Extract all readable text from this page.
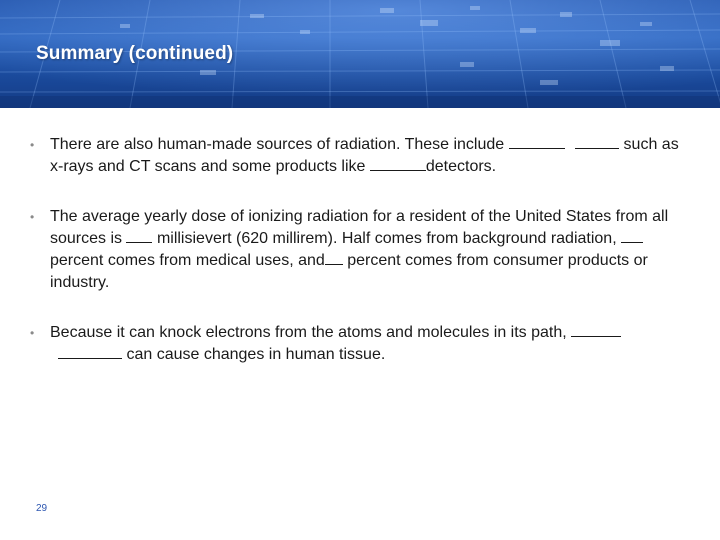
Summary (continued)
• There are also human-made sources of radiation. These include	such as x-rays and CT scans and some products like	detectors.
• The average yearly dose of ionizing radiation for a resident of the United States from all sources is millisievert (620 millirem). Half comes from background radiation,  percent comes from medical uses, and percent comes from consumer products or industry.
• Because it can knock electrons from the atoms and molecules in its path,   can cause changes in human tissue.
29
